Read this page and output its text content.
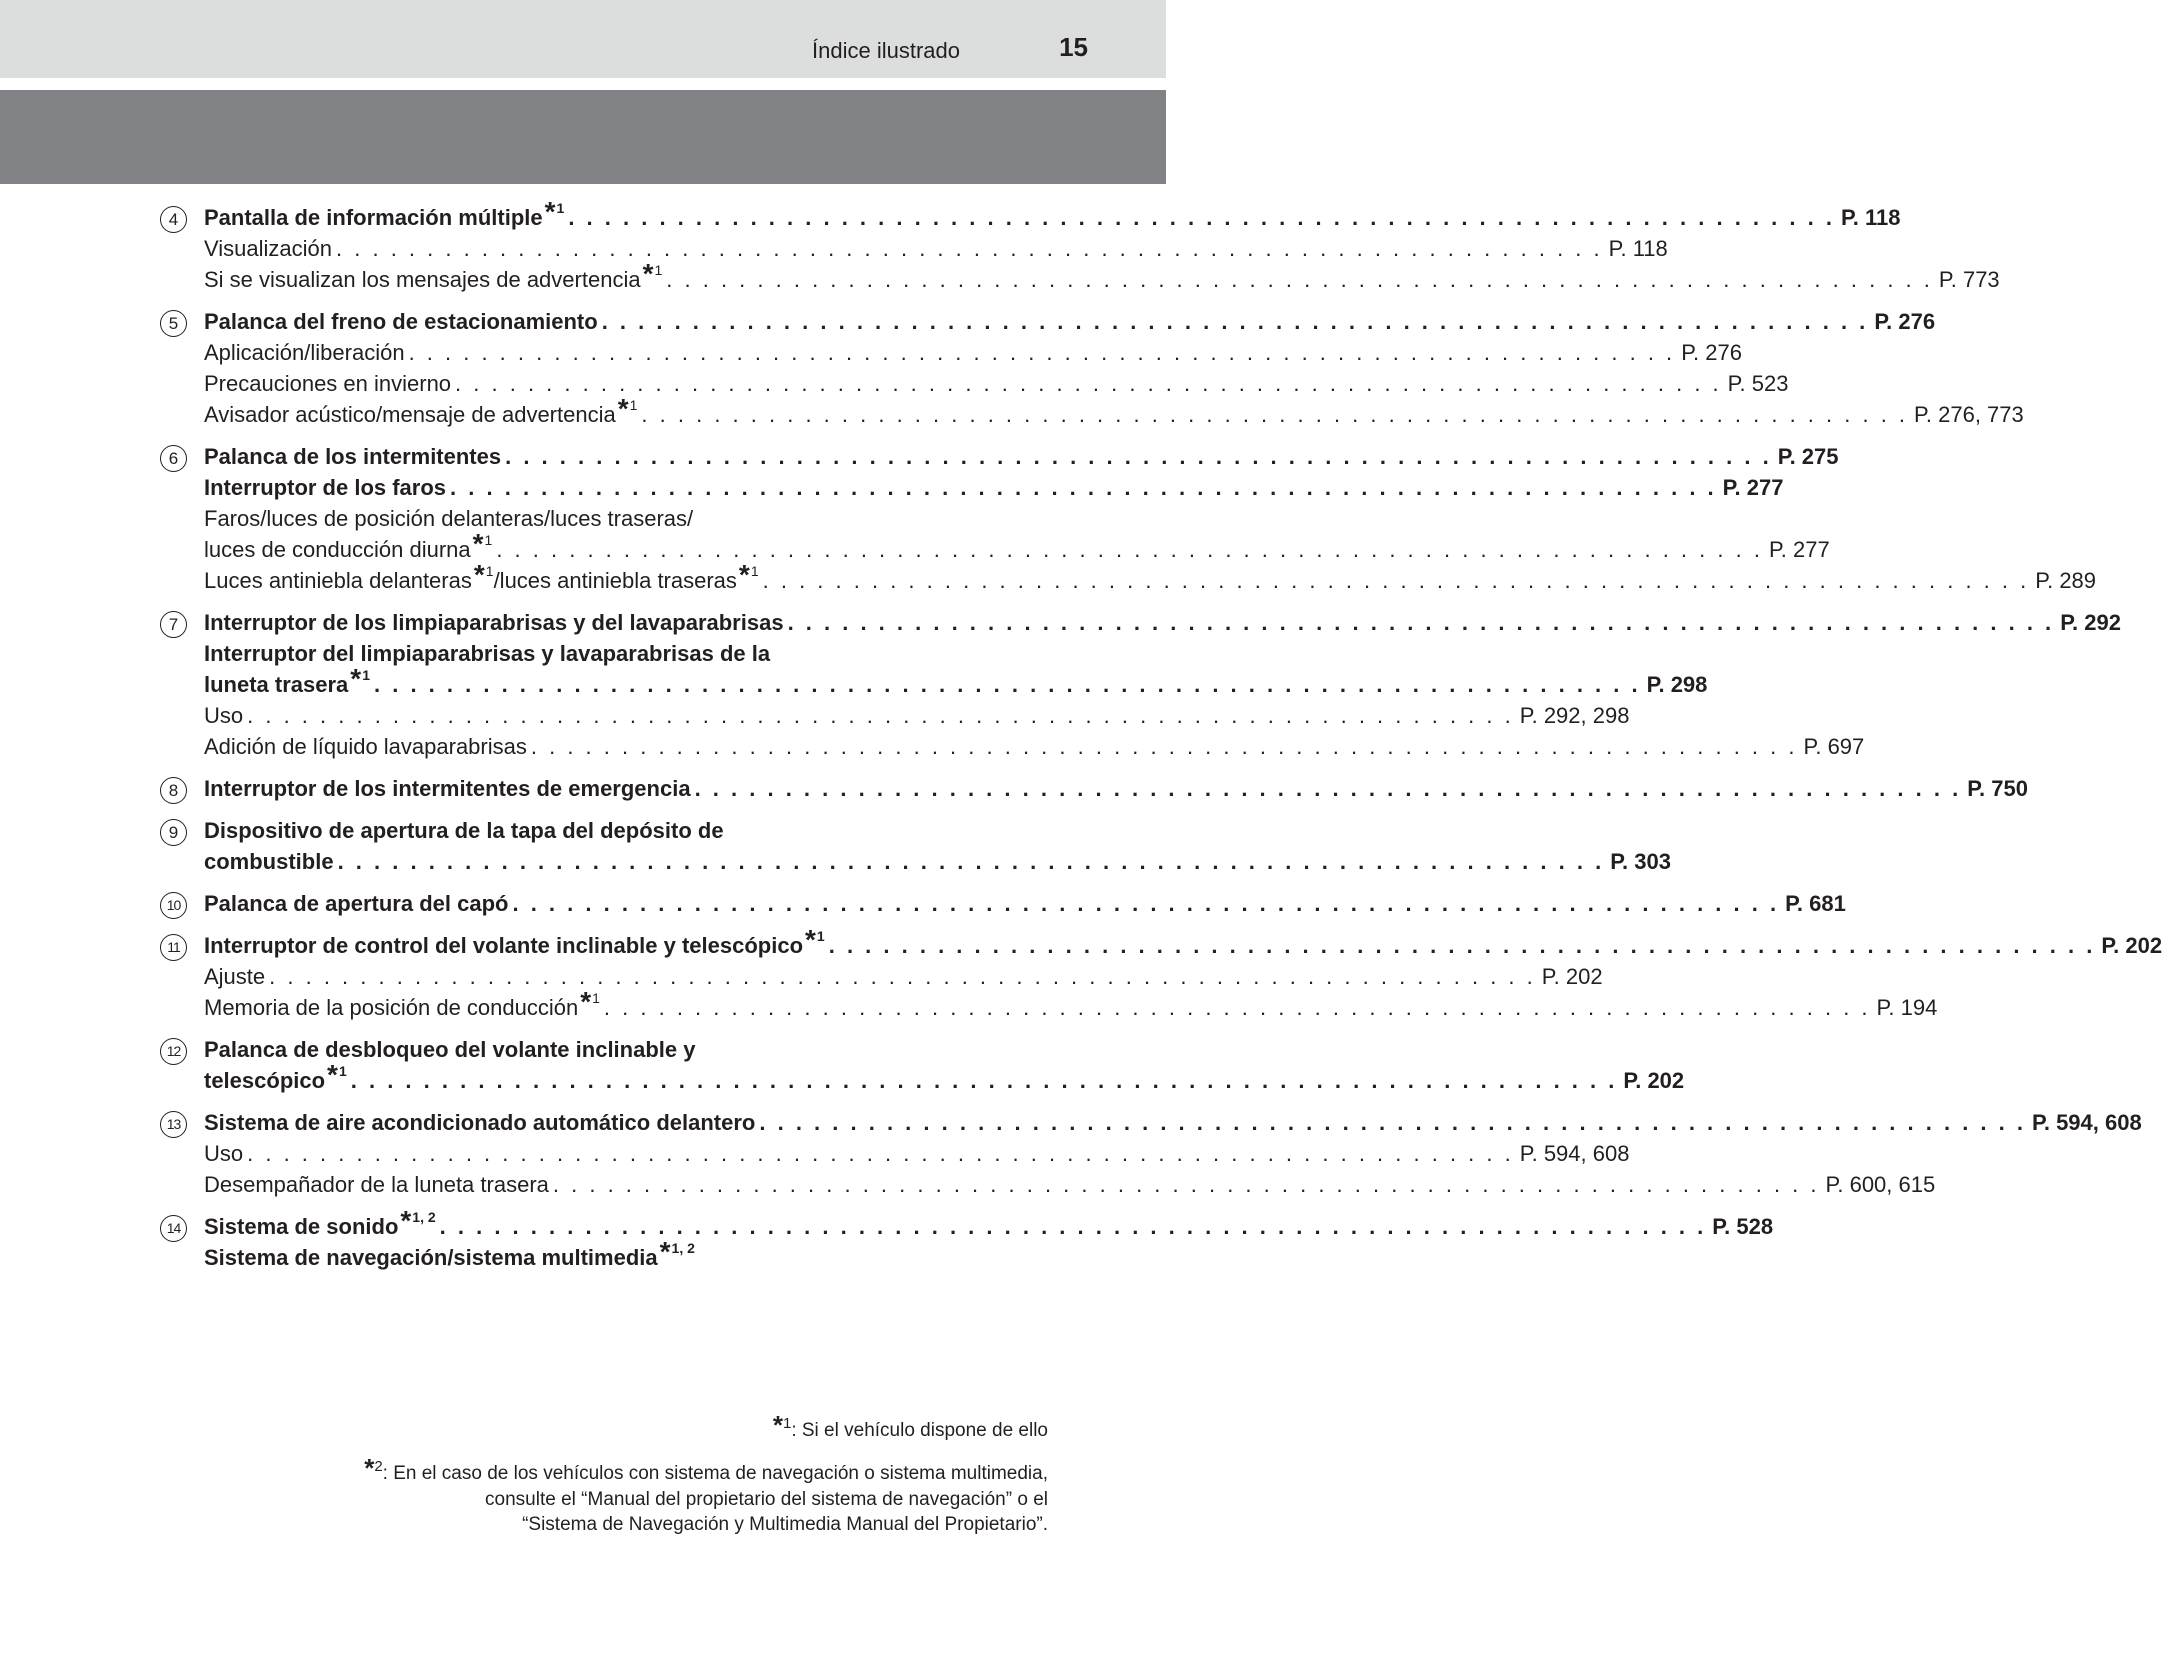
Índice ilustrado	15
4	Pantalla de información múltiple*$^1$ . . . . . . . . . . . . . . . . . . . . . . . . . . . . . . . . . . . . . . . . . . . . . . . . . . . . . . . . . . . . . . . . . . . . . . P. 118
Visualización . . . . . . . . . . . . . . . . . . . . . . . . . . . . . . . . . . . . . . . . . . . . . . . . . . . . . . . . . . . . . . . . . . . . . . P. 118
Si se visualizan los mensajes de advertencia*$^1$ . . . . . . . . . . . . . . . . . . . . . . . . . . . . . . . . . . . . . . . . . . . . . . . . . . . . . . . . . . . . . . . . . . . . . . P. 773
5	Palanca del freno de estacionamiento . . . . . . . . . . . . . . . . . . . . . . . . . . . . . . . . . . . . . . . . . . . . . . . . . . . . . . . . . . . . . . . . . . . . . . P. 276
Aplicación/liberación . . . . . . . . . . . . . . . . . . . . . . . . . . . . . . . . . . . . . . . . . . . . . . . . . . . . . . . . . . . . . . . . . . . . . . P. 276
Precauciones en invierno . . . . . . . . . . . . . . . . . . . . . . . . . . . . . . . . . . . . . . . . . . . . . . . . . . . . . . . . . . . . . . . . . . . . . . P. 523
Avisador acústico/mensaje de advertencia*$^1$ . . . . . . . . . . . . . . . . . . . . . . . . . . . . . . . . . . . . . . . . . . . . . . . . . . . . . . . . . . . . . . . . . . . . . . P. 276, 773
6	Palanca de los intermitentes . . . . . . . . . . . . . . . . . . . . . . . . . . . . . . . . . . . . . . . . . . . . . . . . . . . . . . . . . . . . . . . . . . . . . . P. 275
Interruptor de los faros . . . . . . . . . . . . . . . . . . . . . . . . . . . . . . . . . . . . . . . . . . . . . . . . . . . . . . . . . . . . . . . . . . . . . . P. 277
Faros/luces de posición delanteras/luces traseras/
luces de conducción diurna*$^1$ . . . . . . . . . . . . . . . . . . . . . . . . . . . . . . . . . . . . . . . . . . . . . . . . . . . . . . . . . . . . . . . . . . . . . . P. 277
Luces antiniebla delanteras*$^1$/luces antiniebla traseras*$^1$ . . . . . . . . . . . . . . . . . . . . . . . . . . . . . . . . . . . . . . . . . . . . . . . . . . . . . . . . . . . . . . . . . . . . . . P. 289
7	Interruptor de los limpiaparabrisas y del lavaparabrisas . . . . . . . . . . . . . . . . . . . . . . . . . . . . . . . . . . . . . . . . . . . . . . . . . . . . . . . . . . . . . . . . . . . . . . P. 292
Interruptor del limpiaparabrisas y lavaparabrisas de la
luneta trasera*$^1$ . . . . . . . . . . . . . . . . . . . . . . . . . . . . . . . . . . . . . . . . . . . . . . . . . . . . . . . . . . . . . . . . . . . . . . P. 298
Uso . . . . . . . . . . . . . . . . . . . . . . . . . . . . . . . . . . . . . . . . . . . . . . . . . . . . . . . . . . . . . . . . . . . . . . P. 292, 298
Adición de líquido lavaparabrisas . . . . . . . . . . . . . . . . . . . . . . . . . . . . . . . . . . . . . . . . . . . . . . . . . . . . . . . . . . . . . . . . . . . . . . P. 697
8	Interruptor de los intermitentes de emergencia . . . . . . . . . . . . . . . . . . . . . . . . . . . . . . . . . . . . . . . . . . . . . . . . . . . . . . . . . . . . . . . . . . . . . . P. 750
9	Dispositivo de apertura de la tapa del depósito de
combustible . . . . . . . . . . . . . . . . . . . . . . . . . . . . . . . . . . . . . . . . . . . . . . . . . . . . . . . . . . . . . . . . . . . . . . P. 303
10	Palanca de apertura del capó . . . . . . . . . . . . . . . . . . . . . . . . . . . . . . . . . . . . . . . . . . . . . . . . . . . . . . . . . . . . . . . . . . . . . . P. 681
11	Interruptor de control del volante inclinable y telescópico*$^1$ . . . . . . . . . . . . . . . . . . . . . . . . . . . . . . . . . . . . . . . . . . . . . . . . . . . . . . . . . . . . . . . . . . . . . . P. 202
Ajuste . . . . . . . . . . . . . . . . . . . . . . . . . . . . . . . . . . . . . . . . . . . . . . . . . . . . . . . . . . . . . . . . . . . . . . P. 202
Memoria de la posición de conducción*$^1$ . . . . . . . . . . . . . . . . . . . . . . . . . . . . . . . . . . . . . . . . . . . . . . . . . . . . . . . . . . . . . . . . . . . . . . P. 194
12	Palanca de desbloqueo del volante inclinable y
telescópico*$^1$ . . . . . . . . . . . . . . . . . . . . . . . . . . . . . . . . . . . . . . . . . . . . . . . . . . . . . . . . . . . . . . . . . . . . . . P. 202
13	Sistema de aire acondicionado automático delantero . . . . . . . . . . . . . . . . . . . . . . . . . . . . . . . . . . . . . . . . . . . . . . . . . . . . . . . . . . . . . . . . . . . . . . P. 594, 608
Uso . . . . . . . . . . . . . . . . . . . . . . . . . . . . . . . . . . . . . . . . . . . . . . . . . . . . . . . . . . . . . . . . . . . . . . P. 594, 608
Desempañador de la luneta trasera . . . . . . . . . . . . . . . . . . . . . . . . . . . . . . . . . . . . . . . . . . . . . . . . . . . . . . . . . . . . . . . . . . . . . . P. 600, 615
14	Sistema de sonido*$^{1, 2}$ . . . . . . . . . . . . . . . . . . . . . . . . . . . . . . . . . . . . . . . . . . . . . . . . . . . . . . . . . . . . . . . . . . . . . . P. 528
Sistema de navegación/sistema multimedia*$^{1, 2}$
*$^1$: Si el vehículo dispone de ello
*$^2$: En el caso de los vehículos con sistema de navegación o sistema multimedia,
consulte el “Manual del propietario del sistema de navegación” o el
“Sistema de Navegación y Multimedia Manual del Propietario”.
